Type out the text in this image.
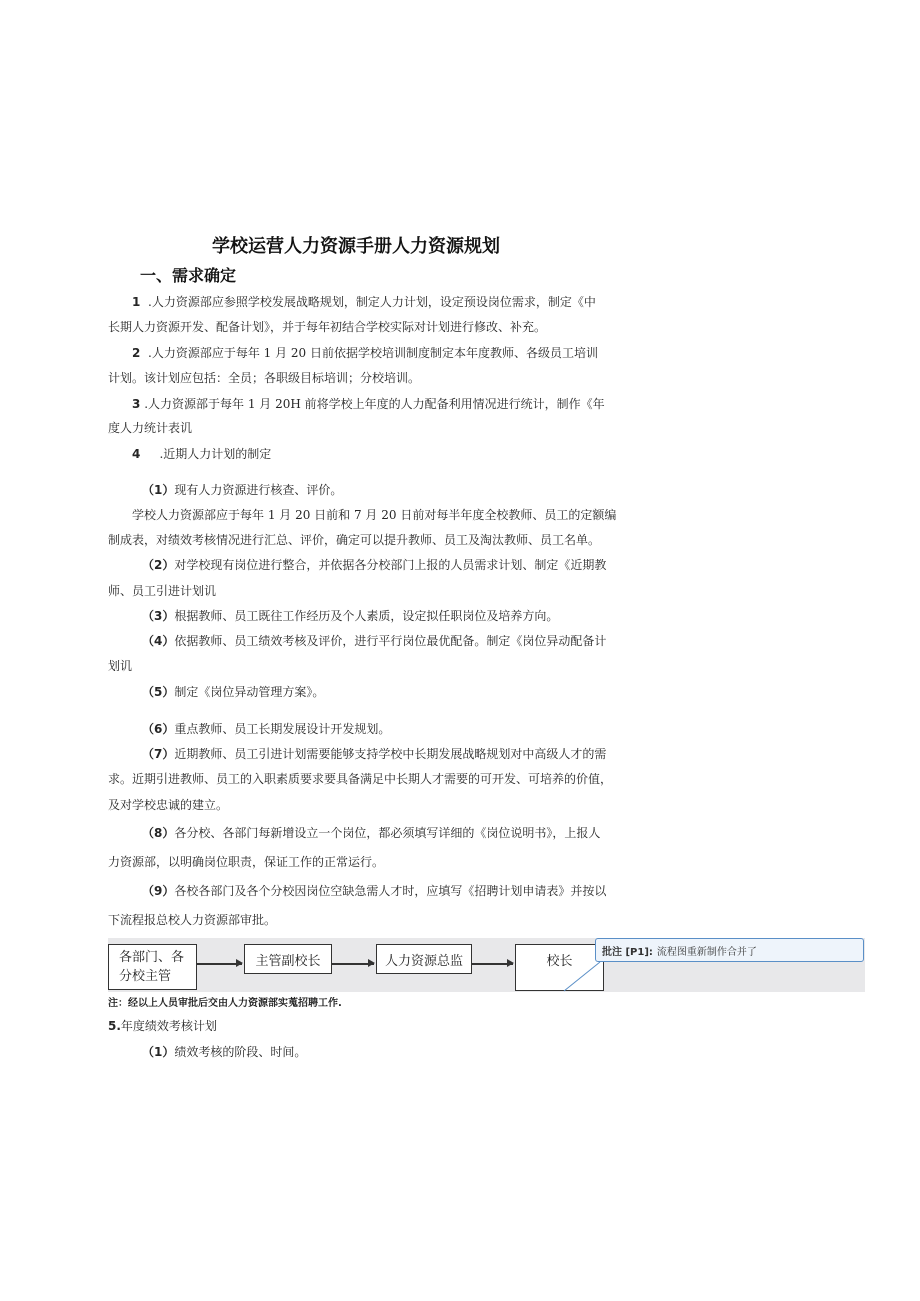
学校运营人力资源手册人力资源规划
一、需求确定
1 .人力资源部应参照学校发展战略规划，制定人力计划，设定预设岗位需求，制定《中
长期人力资源开发、配备计划》，并于每年初结合学校实际对计划进行修改、补充。
2 .人力资源部应于每年 1 月 20 日前依据学校培训制度制定本年度教师、各级员工培训
计划。该计划应包括：全员；各职级目标培训；分校培训。
3 .人力资源部于每年 1 月 20H 前将学校上年度的人力配备利用情况进行统计，制作《年
度人力统计表讥
4 .近期人力计划的制定
（1）现有人力资源进行核查、评价。
学校人力资源部应于每年 1 月 20 日前和 7 月 20 日前对每半年度全校教师、员工的定额编
制成表，对绩效考核情况进行汇总、评价，确定可以提升教师、员工及淘汰教师、员工名单。
（2）对学校现有岗位进行整合，并依据各分校部门上报的人员需求计划、制定《近期教
师、员工引进计划讥
（3）根据教师、员工既往工作经历及个人素质，设定拟任职岗位及培养方向。
（4）依据教师、员工绩效考核及评价，进行平行岗位最优配备。制定《岗位异动配备计
划讥
（5）制定《岗位异动管理方案》。
（6）重点教师、员工长期发展设计开发规划。
（7）近期教师、员工引进计划需要能够支持学校中长期发展战略规划对中高级人才的需
求。近期引进教师、员工的入职素质要求要具备满足中长期人才需要的可开发、可培养的价值，
及对学校忠诚的建立。
（8）各分校、各部门每新增设立一个岗位，都必须填写详细的《岗位说明书》，上报人
力资源部，以明确岗位职责，保证工作的正常运行。
（9）各校各部门及各个分校因岗位空缺急需人才时，应填写《招聘计划申请表》并按以
下流程报总校人力资源部审批。
各部门、各分校主管
主管副校长	人力资源总监	校长
批注 [P1]: 流程图重新制作合并了
注：经以上人员审批后交由人力资源部实蒐招聘工作.
5.年度绩效考核计划
（1）绩效考核的阶段、时间。
